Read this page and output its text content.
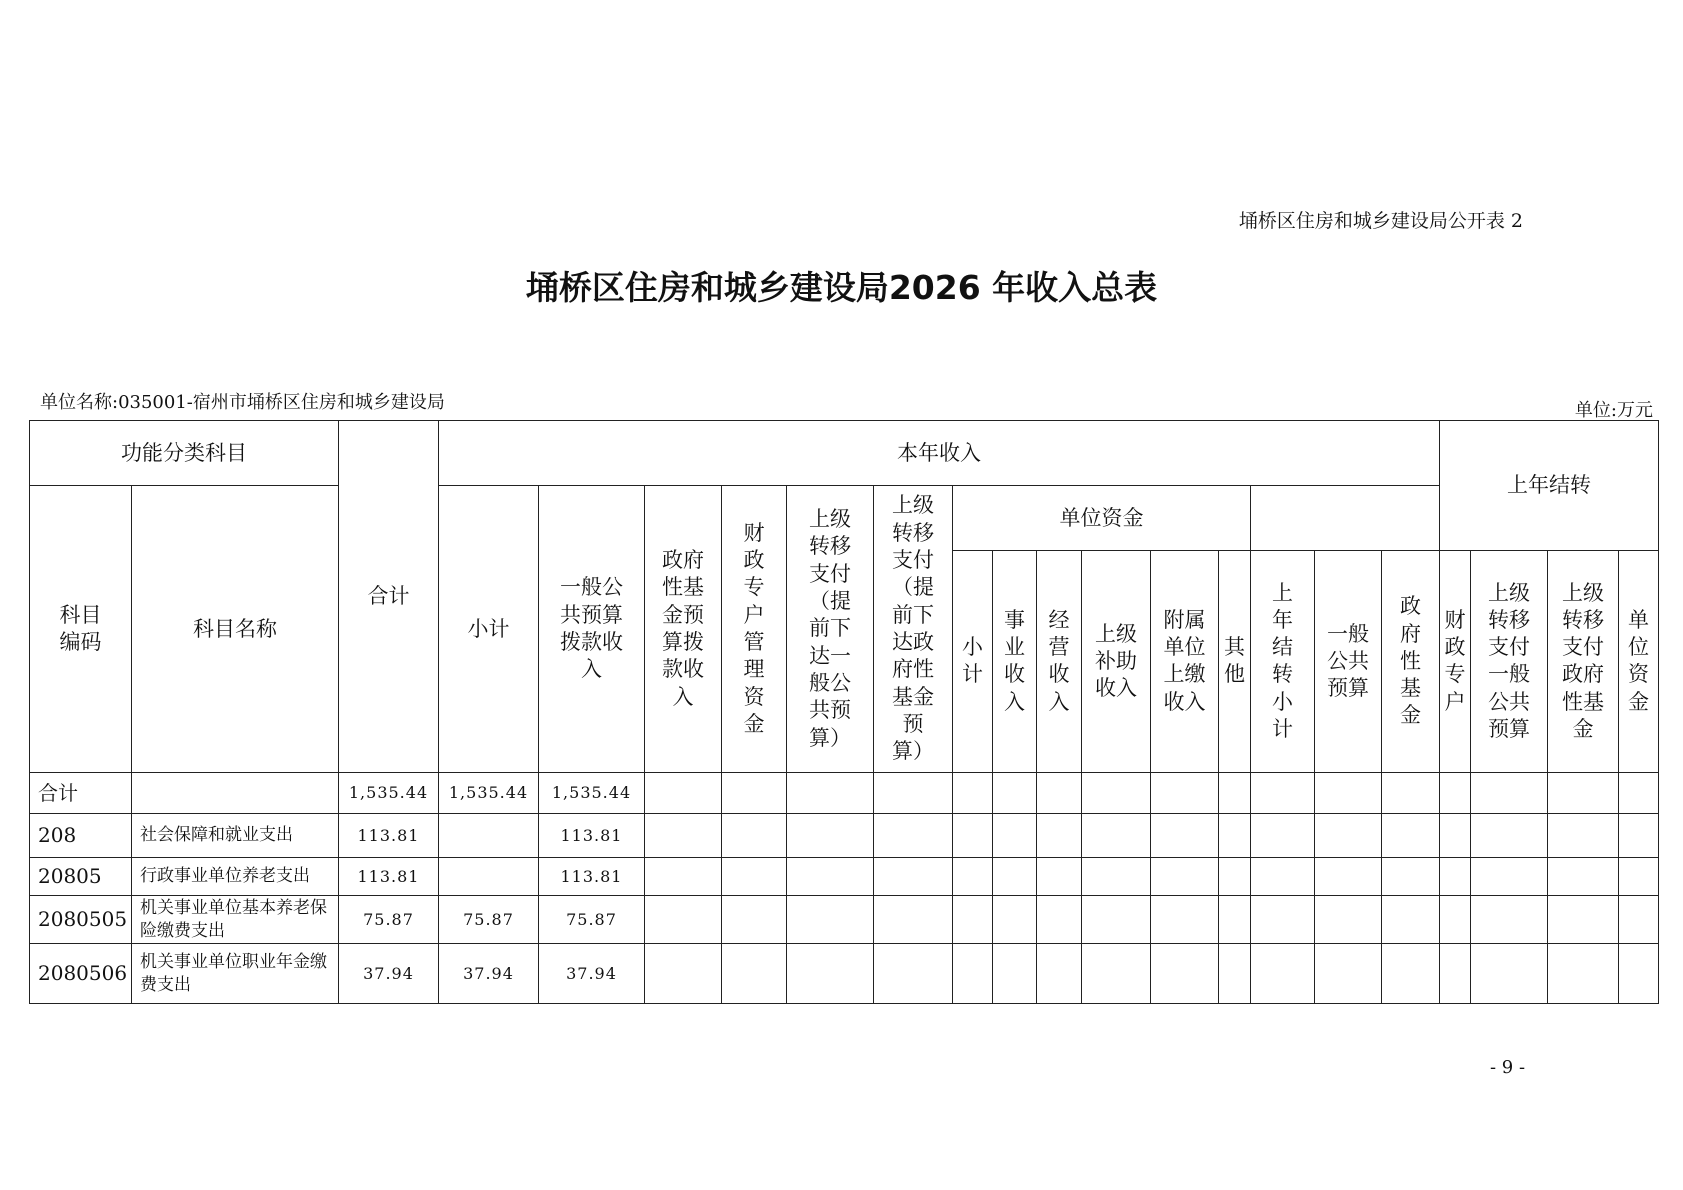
埇桥区住房和城乡建设局公开表 2
埇桥区住房和城乡建设局2026 年收入总表
单位名称:035001-宿州市埇桥区住房和城乡建设局	单位:万元
功能分类科目		合计	本年收入															上年结转			
科目编码	科目名称		小计	一般公共预算拨款收入	政府性基金预算拨款收入	财政专户管理资金	上级转移支付（提前下达一般公共预算）	上级转移支付（提前下达政府性基金预算）	单位资金												
									小计	事业收入	经营收入	上级补助收入	附属单位上缴收入	其他	上年结转小计	一般公共预算	政府性基金	财政专户	上级转移支付一般公共预算	上级转移支付政府性基金	单位资金
合计		1,535.44	1,535.44	1,535.44																	
208	社会保障和就业支出	113.81		113.81																	
20805	行政事业单位养老支出	113.81		113.81																	
2080505	机关事业单位基本养老保险缴费支出	75.87	75.87	75.87																	
2080506	机关事业单位职业年金缴费支出	37.94	37.94	37.94																	
- 9 -
